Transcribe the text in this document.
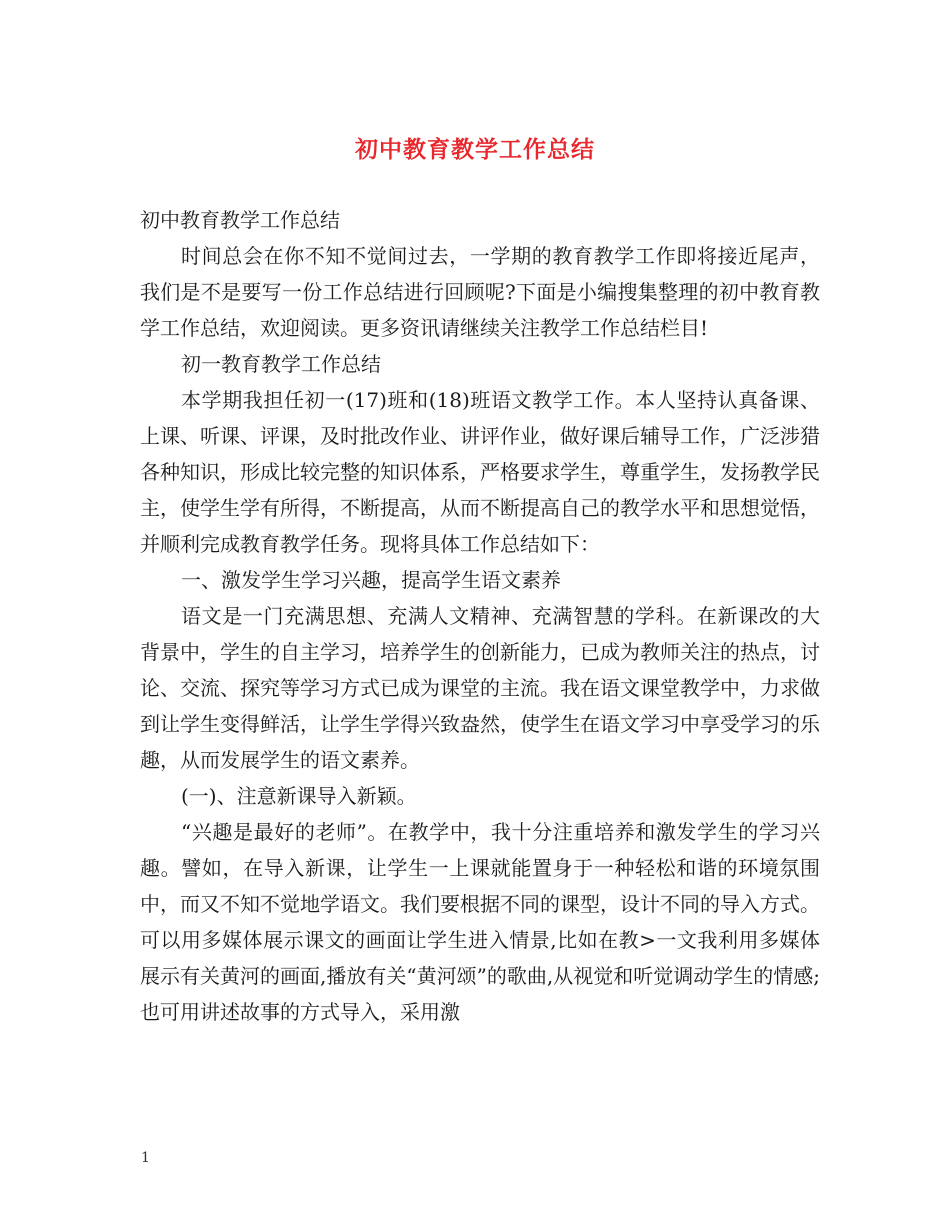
初中教育教学工作总结

初中教育教学工作总结

时间总会在你不知不觉间过去，一学期的教育教学工作即将接近尾声，我们是不是要写一份工作总结进行回顾呢?下面是小编搜集整理的初中教育教学工作总结，欢迎阅读。更多资讯请继续关注教学工作总结栏目!

初一教育教学工作总结

本学期我担任初一(17)班和(18)班语文教学工作。本人坚持认真备课、上课、听课、评课，及时批改作业、讲评作业，做好课后辅导工作，广泛涉猎各种知识，形成比较完整的知识体系，严格要求学生，尊重学生，发扬教学民主，使学生学有所得，不断提高，从而不断提高自己的教学水平和思想觉悟，并顺利完成教育教学任务。现将具体工作总结如下：

一、激发学生学习兴趣，提高学生语文素养

语文是一门充满思想、充满人文精神、充满智慧的学科。在新课改的大背景中，学生的自主学习，培养学生的创新能力，已成为教师关注的热点，讨论、交流、探究等学习方式已成为课堂的主流。我在语文课堂教学中，力求做到让学生变得鲜活，让学生学得兴致盎然，使学生在语文学习中享受学习的乐趣，从而发展学生的语文素养。

(一)、注意新课导入新颖。

“兴趣是最好的老师”。在教学中，我十分注重培养和激发学生的学习兴趣。譬如，在导入新课，让学生一上课就能置身于一种轻松和谐的环境氛围中，而又不知不觉地学语文。我们要根据不同的课型，设计不同的导入方式。可以用多媒体展示课文的画面让学生进入情景,比如在教>一文我利用多媒体展示有关黄河的画面,播放有关“黄河颂”的歌曲,从视觉和听觉调动学生的情感;也可用讲述故事的方式导入，采用激

1
